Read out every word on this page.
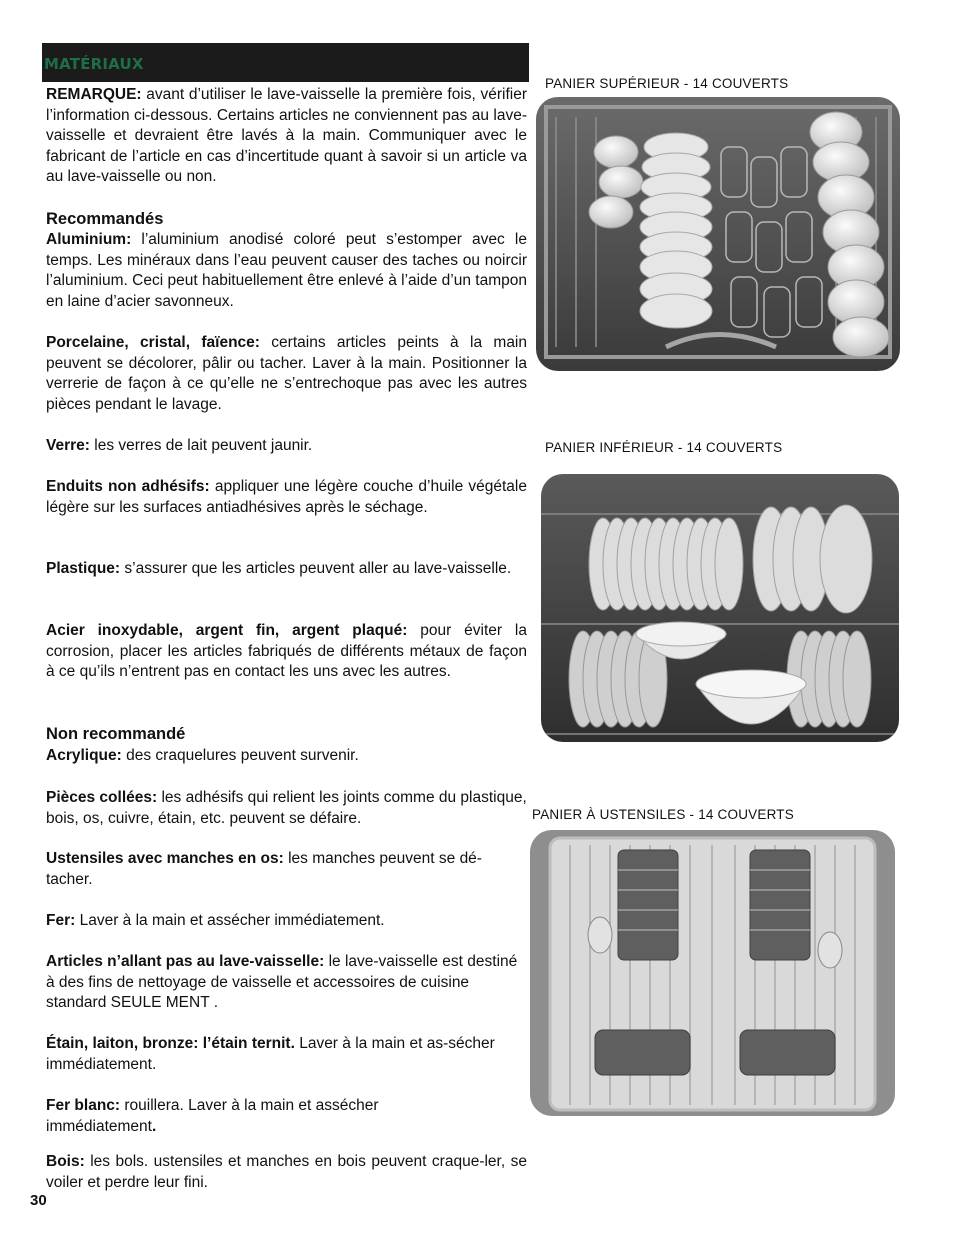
MATÉRIAUX
REMARQUE: avant d’utiliser le lave-vaisselle la première fois, vérifier l’information ci-dessous. Certains articles ne conviennent pas au lave-vaisselle et devraient être lavés à la main. Communiquer avec le fabricant de l’article en cas d’incertitude quant à savoir si un article va au lave-vaisselle ou non.
Recommandés
Aluminium: l’aluminium anodisé coloré peut s’estomper avec le temps. Les minéraux dans l’eau peuvent causer des taches ou noircir l’aluminium. Ceci peut habituellement être enlevé à l’aide d’un tampon en laine d’acier savonneux.
Porcelaine, cristal, faïence: certains articles peints à la main peuvent se décolorer, pâlir ou tacher. Laver à la main. Positionner la verrerie de façon à ce qu’elle ne s’entrechoque pas avec les autres pièces pendant le lavage.
Verre: les verres de lait peuvent jaunir.
Enduits non adhésifs: appliquer une légère couche d’huile végétale légère sur les surfaces antiadhésives après le séchage.
Plastique: s’assurer que les articles peuvent aller au lave-vaisselle.
Acier inoxydable, argent fin, argent plaqué: pour éviter la corrosion, placer les articles fabriqués de différents métaux de façon à ce qu’ils n’entrent pas en contact les uns avec les autres.
Non recommandé
Acrylique: des craquelures peuvent survenir.
Pièces collées: les adhésifs qui relient les joints comme du plastique, bois, os, cuivre, étain, etc. peuvent se défaire.
Ustensiles avec manches en os: les manches peuvent se dé-tacher.
Fer: Laver à la main et assécher immédiatement.
Articles n’allant pas au lave-vaisselle: le lave-vaisselle est destiné à des fins de nettoyage de vaisselle et accessoires de cuisine standard SEULE MENT .
Étain, laiton, bronze: l’étain ternit. Laver à la main et as-sécher immédiatement.
Fer blanc: rouillera. Laver à la main et assécher immédiatement.
Bois: les bols. ustensiles et manches en bois peuvent craque-ler, se voiler et perdre leur fini.
PANIER SUPÉRIEUR - 14 COUVERTS
PANIER INFÉRIEUR - 14 COUVERTS
PANIER À USTENSILES - 14 COUVERTS
30
